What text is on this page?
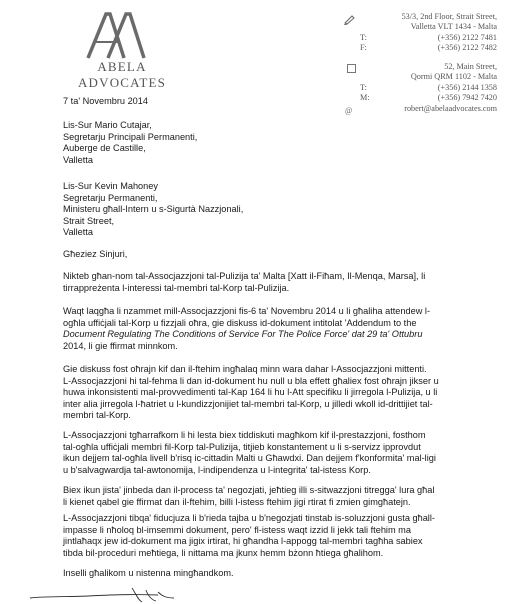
ABELA ADVOCATES
53/3, 2nd Floor, Strait Street,
Valletta VLT 1434 - Malta
T:	(+356) 2122 7481
F:	(+356) 2122 7482
52, Main Street,
Qormi QRM 1102 - Malta
T:	(+356) 2144 1358
M:	(+356) 7942 7420
robert@abelaadvocates.com
@
7 ta' Novembru 2014
Lis-Sur Mario Cutajar,
Segretarju Principali Permanenti,
Auberge de Castille,
Valletta
Lis-Sur Kevin Mahoney
Segretarju Permanenti,
Ministeru għall-Intern u s-Sigurtà Nazzjonali,
Strait Street,
Valletta
Għeziez Sinjuri,
Nikteb għan-nom tal-Assocjazzjoni tal-Pulizija ta' Malta [Xatt il-Fiħam, Il-Menqa, Marsa], li
tirrappreżenta l-interessi tal-membri tal-Korp tal-Pulizija.
Waqt laqgħa li nzammet mill-Assocjazzjoni fis-6 ta' Novembru 2014 u li għaliha attendew l-
ogħla uffiċjali tal-Korp u fizzjali oħra, gie diskuss id-dokument intitolat 'Addendum to the
Document Regulating The Conditions of Service For The Police Force' dat 29 ta' Ottubru
2014, li gie ffirmat minnkom.
Gie diskuss fost oħrajn kif dan il-ftehim ingħalaq minn wara dahar l-Assocjazzjoni mittenti.
L-Assocjazzjoni hi tal-fehma li dan id-dokument hu null u bla effett għaliex fost oħrajn jikser u
huwa inkonsistenti mal-provvedimenti tal-Kap 164 li hu l-Att specifiku li jirregola l-Pulizija, u li
inter alia jirregola l-ħatriet u l-kundizzjonijiet tal-membri tal-Korp, u jilledi wkoll id-drittijiet tal-
membri tal-Korp.
L-Assocjazzjoni tgħarrafkom li hi lesta biex tiddiskuti magħkom kif il-prestazzjoni, fosthom
tal-ogħla uffiċjali membri fil-Korp tal-Pulizija, titjieb konstantement u li s-servizz ipprovdut
ikun dejjem tal-ogħla livell b'risq ic-cittadin Malti u Għawdxi. Dan dejjem f'konformita' mal-ligi
u b'salvagwardja tal-awtonomija, l-indipendenza u l-integrita' tal-istess Korp.
Biex ikun jista' jinbeda dan il-process ta' negozjati, jeħtieg illi s-sitwazzjoni titregga' lura għal
li kienet qabel gie ffirmat dan il-ftehim, billi l-istess ftehim jigi rtirat fi zmien gimgħatejn.
L-Assocjazzjoni tibqa' fiducjuza li b'rieda tajba u b'negozjati tinstab is-soluzzjoni gusta għall-
impasse li nħoloq bl-imsemmi dokument, pero' fl-istess waqt izzid li jekk tali ftehim ma
jintlaħaqx jew id-dokument ma jigix irtirat, hi għandha l-appogg tal-membri tagħha sabiex
tibda bil-proceduri meħtiega, li nittama ma jkunx hemm bżonn ħtiega għalihom.
Inselli għalikom u nistenna mingħandkom.
